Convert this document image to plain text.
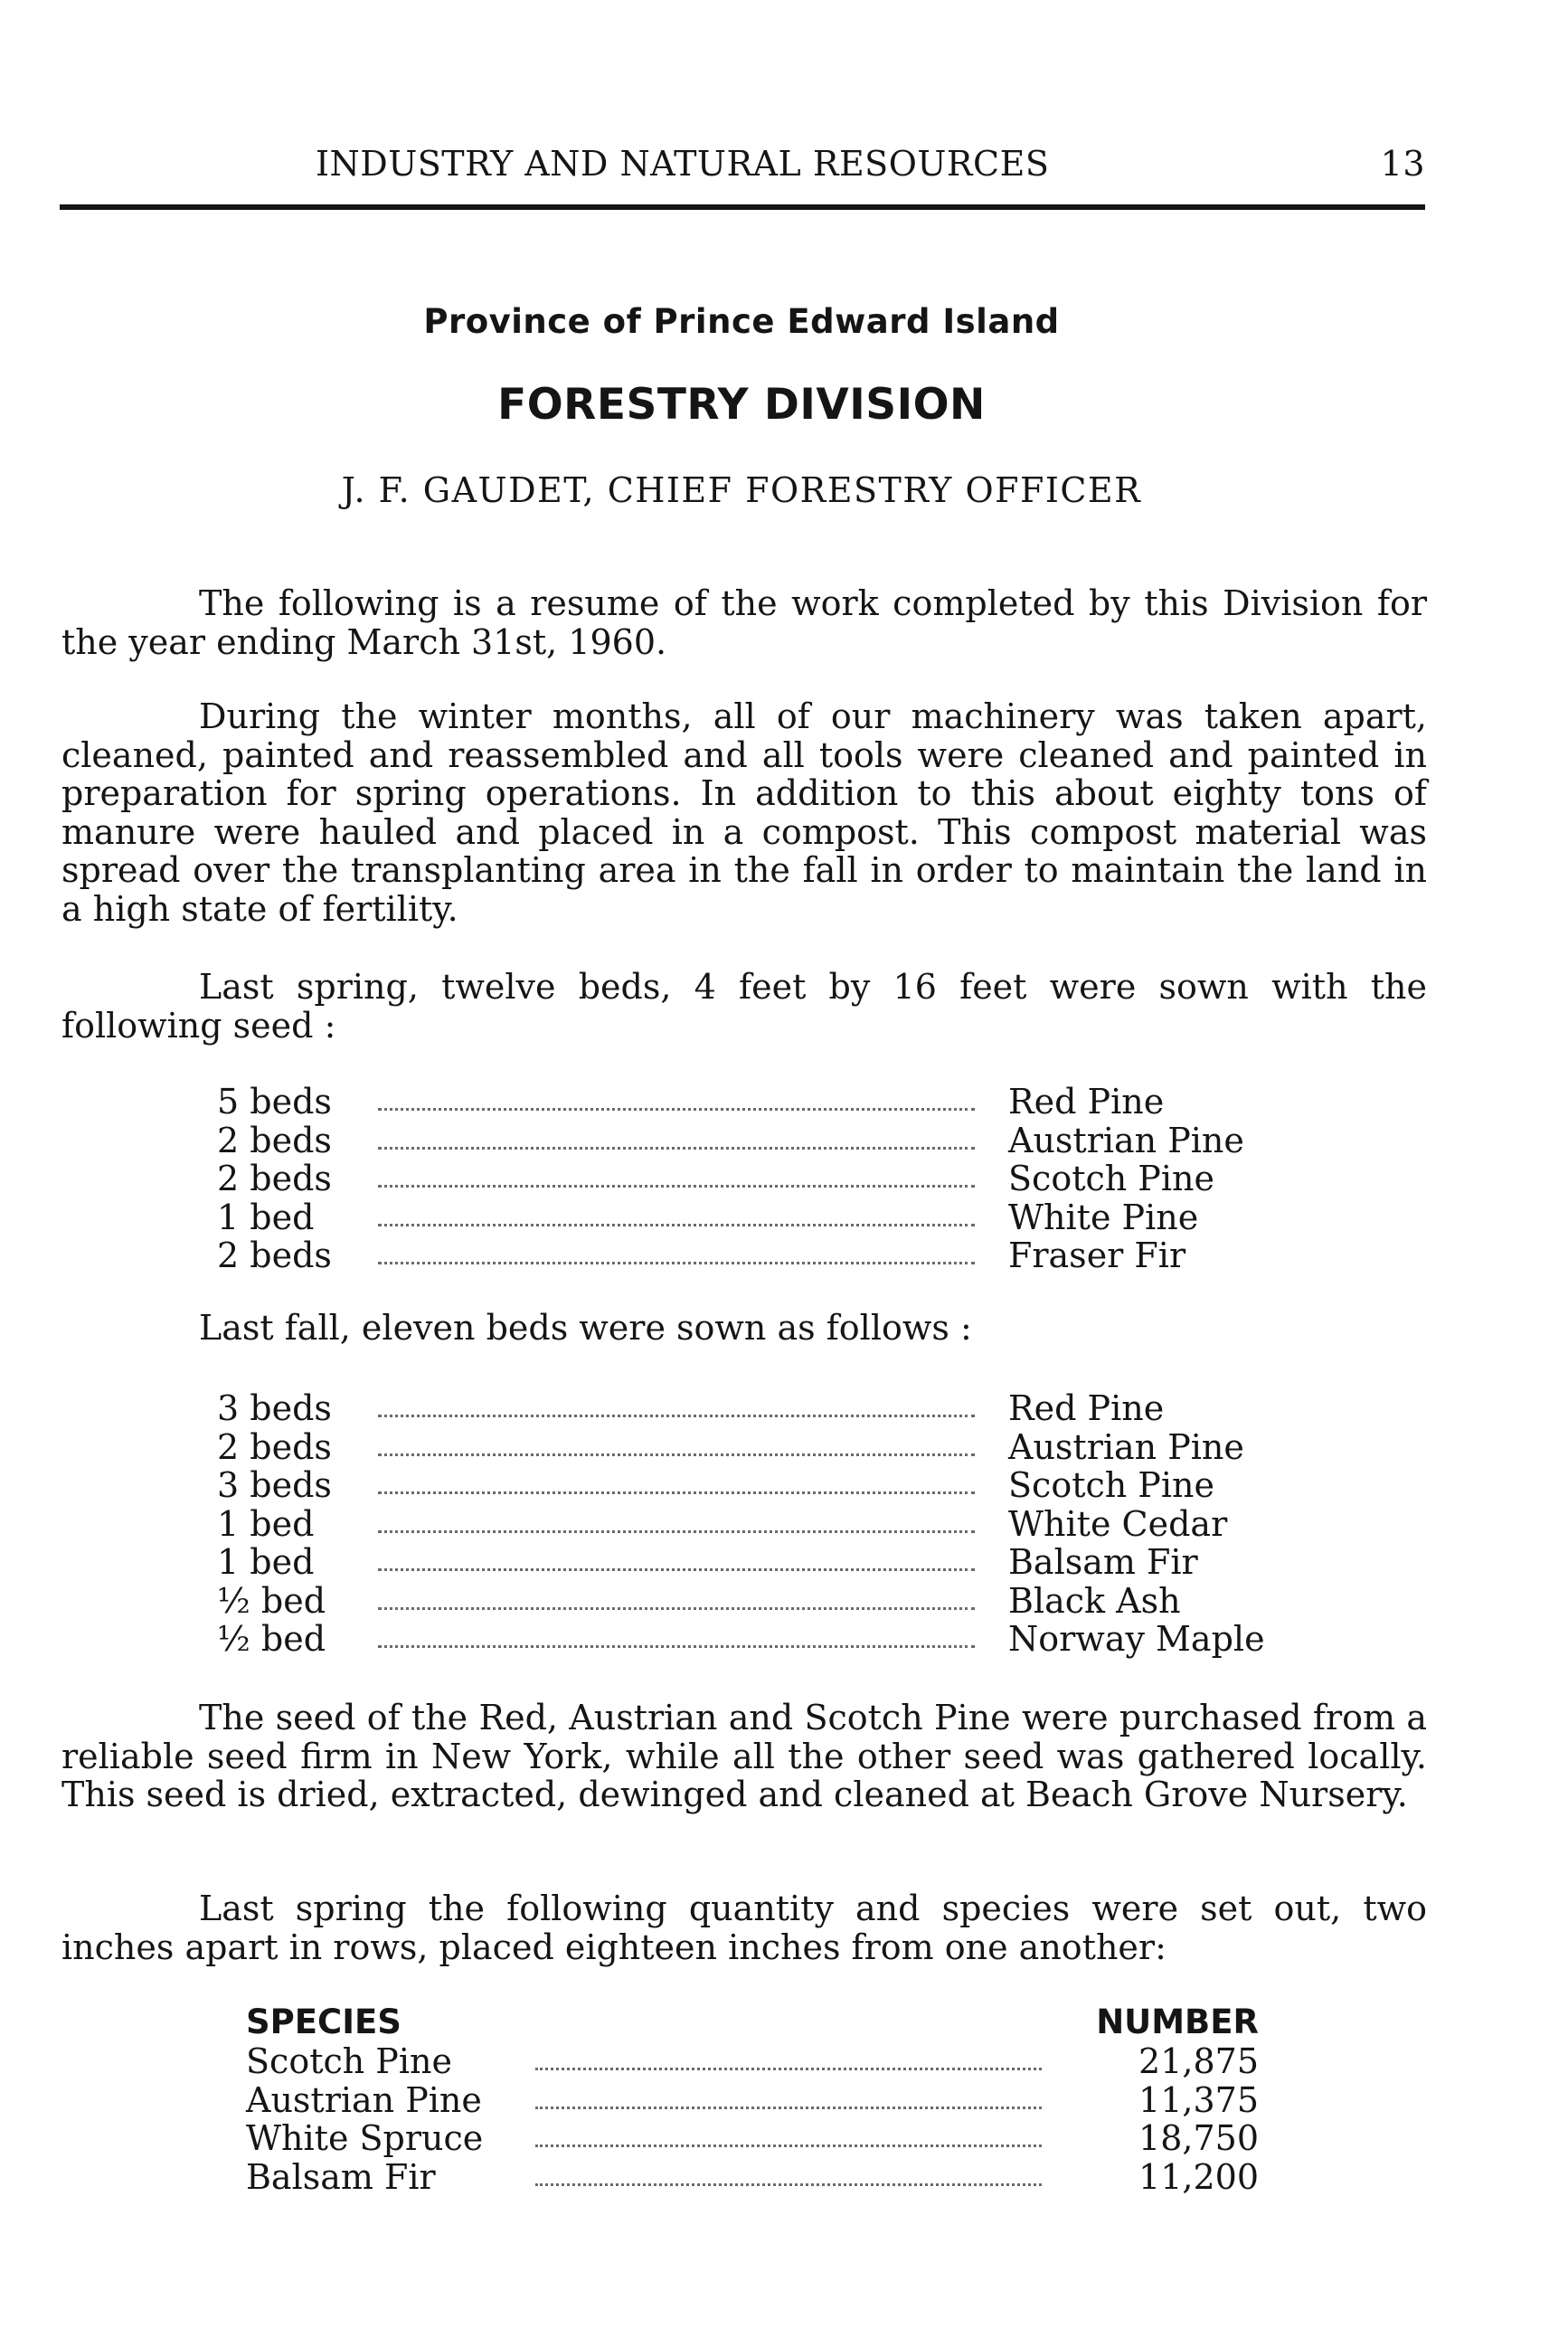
INDUSTRY AND NATURAL RESOURCES	13
Province of Prince Edward Island
FORESTRY DIVISION
J. F. GAUDET, CHIEF FORESTRY OFFICER
The following is a resume of the work completed by this Division for the year ending March 31st, 1960.
During the winter months, all of our machinery was taken apart, cleaned, painted and reassembled and all tools were cleaned and painted in preparation for spring operations. In addition to this about eighty tons of manure were hauled and placed in a compost. This compost material was spread over the transplanting area in the fall in order to maintain the land in a high state of fertility.
Last spring, twelve beds, 4 feet by 16 feet were sown with the following seed :
5 beds	Red Pine
2 beds	Austrian Pine
2 beds	Scotch Pine
1 bed	White Pine
2 beds	Fraser Fir
Last fall, eleven beds were sown as follows :
3 beds	Red Pine
2 beds	Austrian Pine
3 beds	Scotch Pine
1 bed	White Cedar
1 bed	Balsam Fir
½ bed	Black Ash
½ bed	Norway Maple
The seed of the Red, Austrian and Scotch Pine were purchased from a reliable seed firm in New York, while all the other seed was gathered locally. This seed is dried, extracted, dewinged and cleaned at Beach Grove Nursery.
Last spring the following quantity and species were set out, two inches apart in rows, placed eighteen inches from one another:
SPECIES	NUMBER
Scotch Pine	21,875
Austrian Pine	11,375
White Spruce	18,750
Balsam Fir	11,200
